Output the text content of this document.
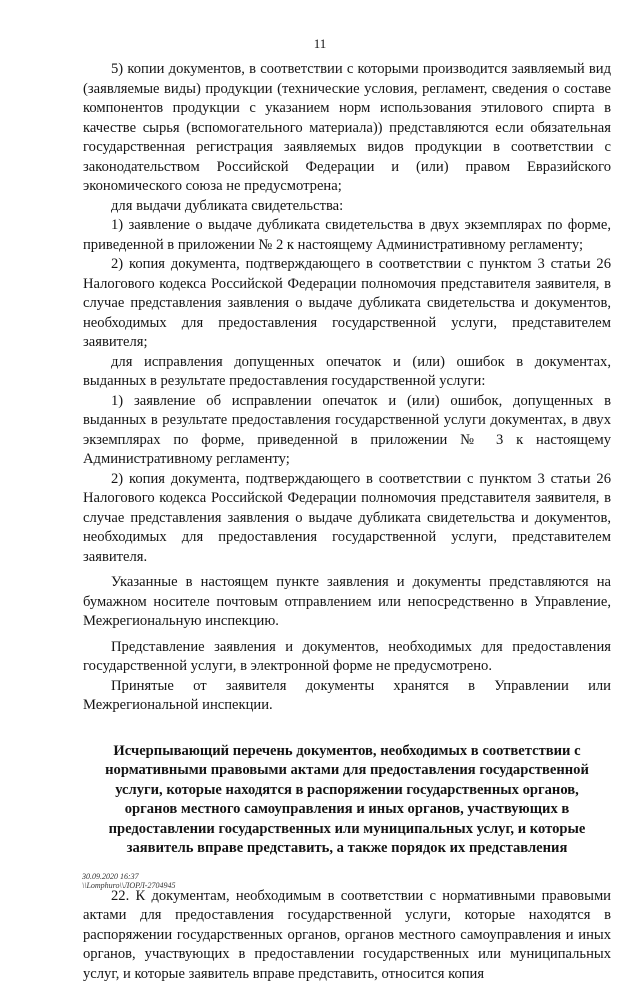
11

5) копии документов, в соответствии с которыми производится заявляемый вид (заявляемые виды) продукции (технические условия, регламент, сведения о составе компонентов продукции с указанием норм использования этилового спирта в качестве сырья (вспомогательного материала)) представляются если обязательная государственная регистрация заявляемых видов продукции в соответствии с законодательством Российской Федерации и (или) правом Евразийского экономического союза не предусмотрена;

для выдачи дубликата свидетельства:

1) заявление о выдаче дубликата свидетельства в двух экземплярах по форме, приведенной в приложении № 2 к настоящему Административному регламенту;

2) копия документа, подтверждающего в соответствии с пунктом 3 статьи 26 Налогового кодекса Российской Федерации полномочия представителя заявителя, в случае представления заявления о выдаче дубликата свидетельства и документов, необходимых для предоставления государственной услуги, представителем заявителя;

для исправления допущенных опечаток и (или) ошибок в документах, выданных в результате предоставления государственной услуги:

1) заявление об исправлении опечаток и (или) ошибок, допущенных в выданных в результате предоставления государственной услуги документах, в двух экземплярах по форме, приведенной в приложении № 3 к настоящему Административному регламенту;

2) копия документа, подтверждающего в соответствии с пунктом 3 статьи 26 Налогового кодекса Российской Федерации полномочия представителя заявителя, в случае представления заявления о выдаче дубликата свидетельства и документов, необходимых для предоставления государственной услуги, представителем заявителя.

Указанные в настоящем пункте заявления и документы представляются на бумажном носителе почтовым отправлением или непосредственно в Управление, Межрегиональную инспекцию.

Представление заявления и документов, необходимых для предоставления государственной услуги, в электронной форме не предусмотрено.

Принятые от заявителя документы хранятся в Управлении или Межрегиональной инспекции.

Исчерпывающий перечень документов, необходимых в соответствии с нормативными правовыми актами для предоставления государственной услуги, которые находятся в распоряжении государственных органов, органов местного самоуправления и иных органов, участвующих в предоставлении государственных или муниципальных услуг, и которые заявитель вправе представить, а также порядок их представления

22. К документам, необходимым в соответствии с нормативными правовыми актами для предоставления государственной услуги, которые находятся в распоряжении государственных органов, органов местного самоуправления и иных органов, участвующих в предоставлении государственных или муниципальных услуг, и которые заявитель вправе представить, относится копия

30.09.2020 16:37
\\Lomphuro\\ЛОРЛ-2704945
